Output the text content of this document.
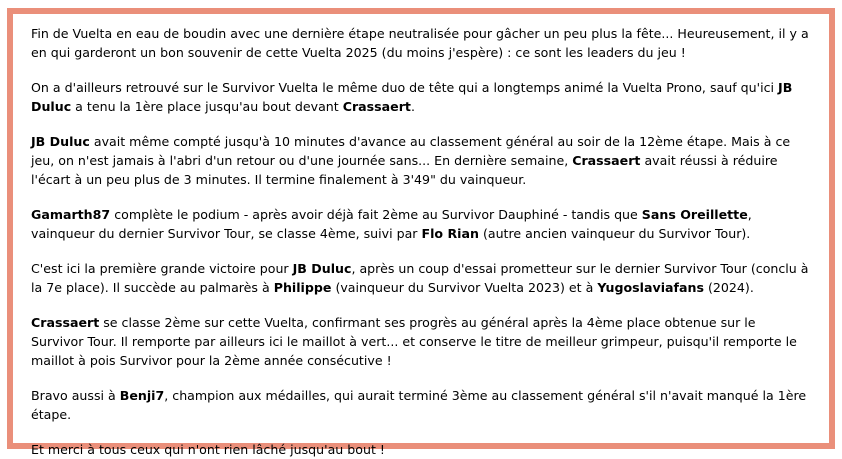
Fin de Vuelta en eau de boudin avec une dernière étape neutralisée pour gâcher un peu plus la fête... Heureusement, il y a en qui garderont un bon souvenir de cette Vuelta 2025 (du moins j'espère) : ce sont les leaders du jeu !

On a d'ailleurs retrouvé sur le Survivor Vuelta le même duo de tête qui a longtemps animé la Vuelta Prono, sauf qu'ici JB Duluc a tenu la 1ère place jusqu'au bout devant Crassaert.

JB Duluc avait même compté jusqu'à 10 minutes d'avance au classement général au soir de la 12ème étape. Mais à ce jeu, on n'est jamais à l'abri d'un retour ou d'une journée sans... En dernière semaine, Crassaert avait réussi à réduire l'écart à un peu plus de 3 minutes. Il termine finalement à 3'49" du vainqueur.

Gamarth87 complète le podium - après avoir déjà fait 2ème au Survivor Dauphiné - tandis que Sans Oreillette, vainqueur du dernier Survivor Tour, se classe 4ème, suivi par Flo Rian (autre ancien vainqueur du Survivor Tour).

C'est ici la première grande victoire pour JB Duluc, après un coup d'essai prometteur sur le dernier Survivor Tour (conclu à la 7e place). Il succède au palmarès à Philippe (vainqueur du Survivor Vuelta 2023) et à Yugoslaviafans (2024).

Crassaert se classe 2ème sur cette Vuelta, confirmant ses progrès au général après la 4ème place obtenue sur le Survivor Tour. Il remporte par ailleurs ici le maillot à vert... et conserve le titre de meilleur grimpeur, puisqu'il remporte le maillot à pois Survivor pour la 2ème année consécutive !

Bravo aussi à Benji7, champion aux médailles, qui aurait terminé 3ème au classement général s'il n'avait manqué la 1ère étape.

Et merci à tous ceux qui n'ont rien lâché jusqu'au bout !
